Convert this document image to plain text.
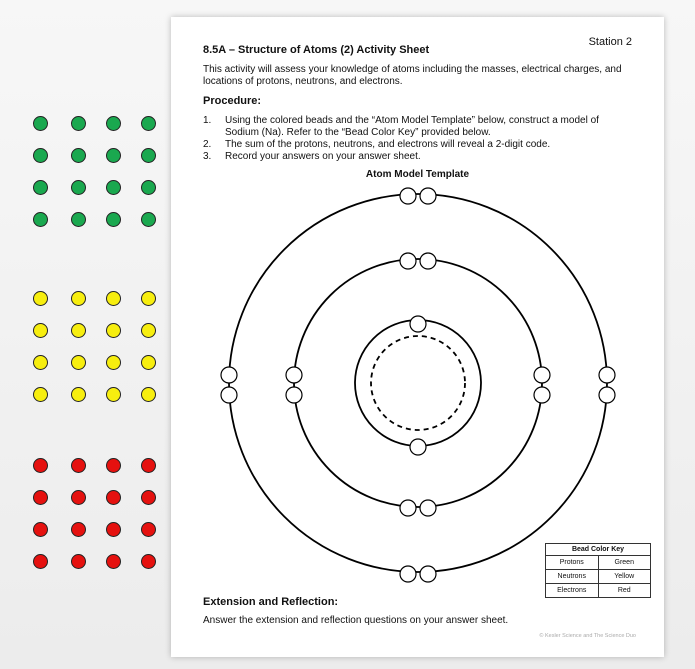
Station 2
8.5A – Structure of Atoms (2) Activity Sheet
This activity will assess your knowledge of atoms including the masses, electrical charges, and locations of protons, neutrons, and electrons.
Procedure:
1. Using the colored beads and the “Atom Model Template” below, construct a model of Sodium (Na). Refer to the “Bead Color Key” provided below.
2. The sum of the protons, neutrons, and electrons will reveal a 2-digit code.
3. Record your answers on your answer sheet.
Atom Model Template
Bead Color Key
Protons	Green
Neutrons	Yellow
Electrons	Red
Extension and Reflection:
Answer the extension and reflection questions on your answer sheet.
© Kesler Science and The Science Duo
